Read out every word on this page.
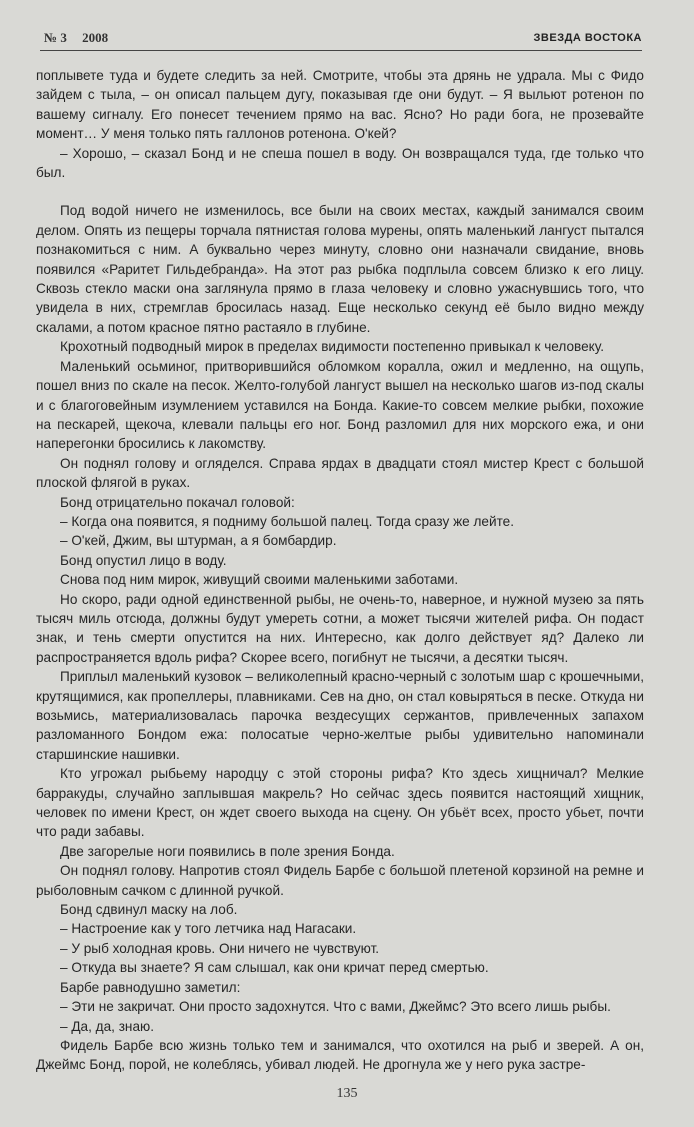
№ 3 2008	ЗВЕЗДА ВОСТОКА

поплывете туда и будете следить за ней. Смотрите, чтобы эта дрянь не удрала. Мы с Фидо зайдем с тыла, – он описал пальцем дугу, показывая где они будут. – Я выльют ротенон по вашему сигналу. Его понесет течением прямо на вас. Ясно? Но ради бога, не прозевайте момент… У меня только пять галлонов ротенона. О'кей?

– Хорошо, – сказал Бонд и не спеша пошел в воду. Он возвращался туда, где только что был.

Под водой ничего не изменилось, все были на своих местах, каждый занимался своим делом. Опять из пещеры торчала пятнистая голова мурены, опять маленький лангуст пытался познакомиться с ним. А буквально через минуту, словно они назначали свидание, вновь появился «Раритет Гильдебранда». На этот раз рыбка подплыла совсем близко к его лицу. Сквозь стекло маски она заглянула прямо в глаза человеку и словно ужаснувшись того, что увидела в них, стремглав бросилась назад. Еще несколько секунд её было видно между скалами, а потом красное пятно растаяло в глубине.

Крохотный подводный мирок в пределах видимости постепенно привыкал к человеку.

Маленький осьминог, притворившийся обломком коралла, ожил и медленно, на ощупь, пошел вниз по скале на песок. Желто-голубой лангуст вышел на несколько шагов из-под скалы и с благоговейным изумлением уставился на Бонда. Какие-то совсем мелкие рыбки, похожие на пескарей, щекоча, клевали пальцы его ног. Бонд разломил для них морского ежа, и они наперегонки бросились к лакомству.

Он поднял голову и огляделся. Справа ярдах в двадцати стоял мистер Крест с большой плоской флягой в руках.

Бонд отрицательно покачал головой:

– Когда она появится, я подниму большой палец. Тогда сразу же лейте.

– О'кей, Джим, вы штурман, а я бомбардир.

Бонд опустил лицо в воду.

Снова под ним мирок, живущий своими маленькими заботами.

Но скоро, ради одной единственной рыбы, не очень-то, наверное, и нужной музею за пять тысяч миль отсюда, должны будут умереть сотни, а может тысячи жителей рифа. Он подаст знак, и тень смерти опустится на них. Интересно, как долго действует яд? Далеко ли распространяется вдоль рифа? Скорее всего, погибнут не тысячи, а десятки тысяч.

Приплыл маленький кузовок – великолепный красно-черный с золотым шар с крошечными, крутящимися, как пропеллеры, плавниками. Сев на дно, он стал ковыряться в песке. Откуда ни возьмись, материализовалась парочка вездесущих сержантов, привлеченных запахом разломанного Бондом ежа: полосатые черно-желтые рыбы удивительно напоминали старшинские нашивки.

Кто угрожал рыбьему народцу с этой стороны рифа? Кто здесь хищничал? Мелкие барракуды, случайно заплывшая макрель? Но сейчас здесь появится настоящий хищник, человек по имени Крест, он ждет своего выхода на сцену. Он убьёт всех, просто убьет, почти что ради забавы.

Две загорелые ноги появились в поле зрения Бонда.

Он поднял голову. Напротив стоял Фидель Барбе с большой плетеной корзиной на ремне и рыболовным сачком с длинной ручкой.

Бонд сдвинул маску на лоб.

– Настроение как у того летчика над Нагасаки.

– У рыб холодная кровь. Они ничего не чувствуют.

– Откуда вы знаете? Я сам слышал, как они кричат перед смертью.

Барбе равнодушно заметил:

– Эти не закричат. Они просто задохнутся. Что с вами, Джеймс? Это всего лишь рыбы.

– Да, да, знаю.

Фидель Барбе всю жизнь только тем и занимался, что охотился на рыб и зверей. А он, Джеймс Бонд, порой, не колеблясь, убивал людей. Не дрогнула же у него рука застре-

135
